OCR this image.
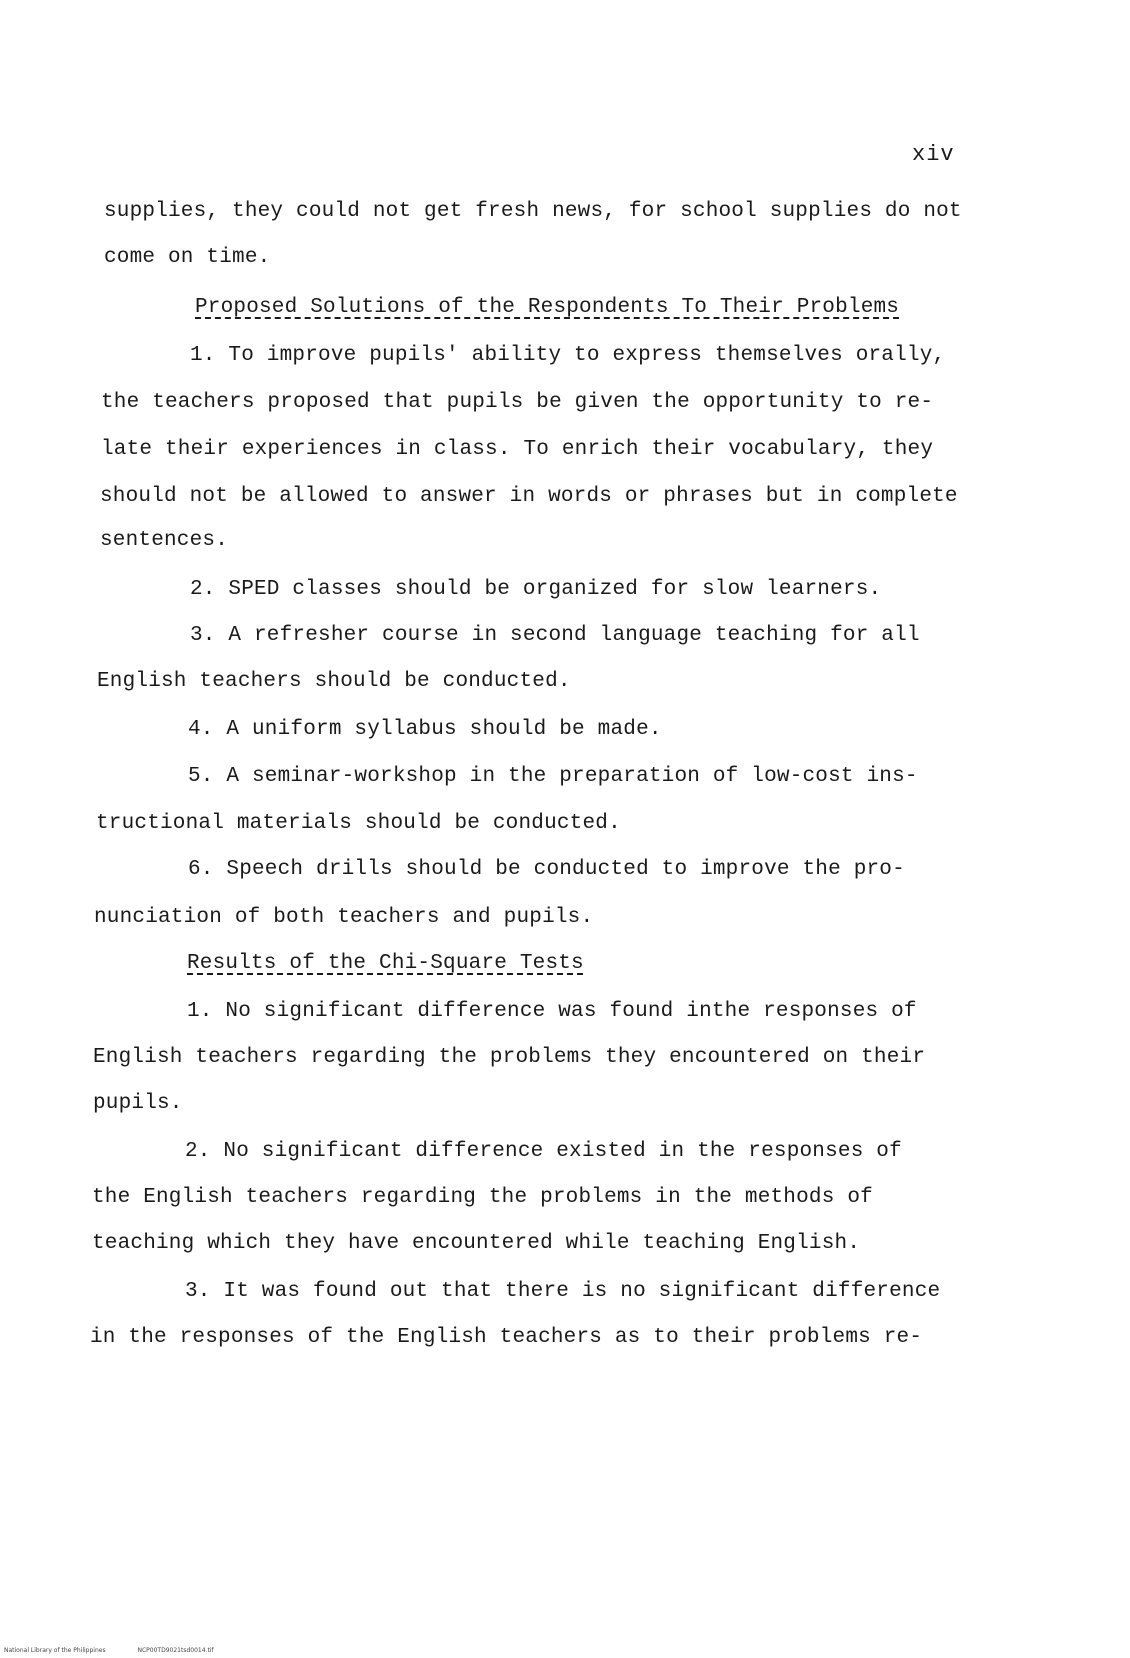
xiv
supplies, they could not get fresh news, for school supplies do not
come on time.
Proposed Solutions of the Respondents To Their Problems
1. To improve pupils' ability to express themselves orally,
the teachers proposed that pupils be given the opportunity to re-
late their experiences in class. To enrich their vocabulary, they
should not be allowed to answer in words or phrases but in complete
sentences.
2. SPED classes should be organized for slow learners.
3. A refresher course in second language teaching for all
English teachers should be conducted.
4. A uniform syllabus should be made.
5. A seminar-workshop in the preparation of low-cost ins-
tructional materials should be conducted.
6. Speech drills should be conducted to improve the pro-
nunciation of both teachers and pupils.
Results of the Chi-Square Tests
1. No significant difference was found inthe responses of
English teachers regarding the problems they encountered on their
pupils.
2. No significant difference existed in the responses of
the English teachers regarding the problems in the methods of
teaching which they have encountered while teaching English.
3. It was found out that there is no significant difference
in the responses of the English teachers as to their problems re-
National Library of the Philippines	NCP00TD9021tsd0014.tif
